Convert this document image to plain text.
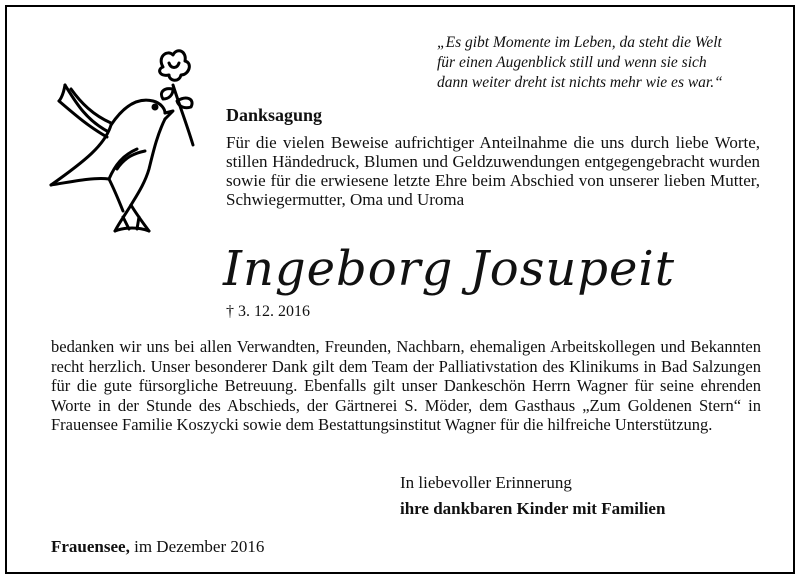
„Es gibt Momente im Leben, da steht die Welt
für einen Augenblick still und wenn sie sich
dann weiter dreht ist nichts mehr wie es war.“
Danksagung
Für die vielen Beweise aufrichtiger Anteilnahme die uns durch liebe Worte, stillen Händedruck, Blumen und Geldzuwendungen entgegengebracht wurden sowie für die erwiesene letzte Ehre beim Abschied von unserer lieben Mutter, Schwiegermutter, Oma und Uroma
Ingeborg Josupeit
† 3. 12. 2016
bedanken wir uns bei allen Verwandten, Freunden, Nachbarn, ehemaligen Arbeitskollegen und Bekannten recht herzlich. Unser besonderer Dank gilt dem Team der Palliativstation des Klinikums in Bad Salzungen für die gute fürsorgliche Betreuung. Ebenfalls gilt unser Dankeschön Herrn Wagner für seine ehrenden Worte in der Stunde des Abschieds, der Gärtnerei S. Möder, dem Gasthaus „Zum Goldenen Stern“ in Frauensee Familie Koszycki sowie dem Bestattungsinstitut Wagner für die hilfreiche Unterstützung.
In liebevoller Erinnerung
ihre dankbaren Kinder mit Familien
Frauensee, im Dezember 2016
